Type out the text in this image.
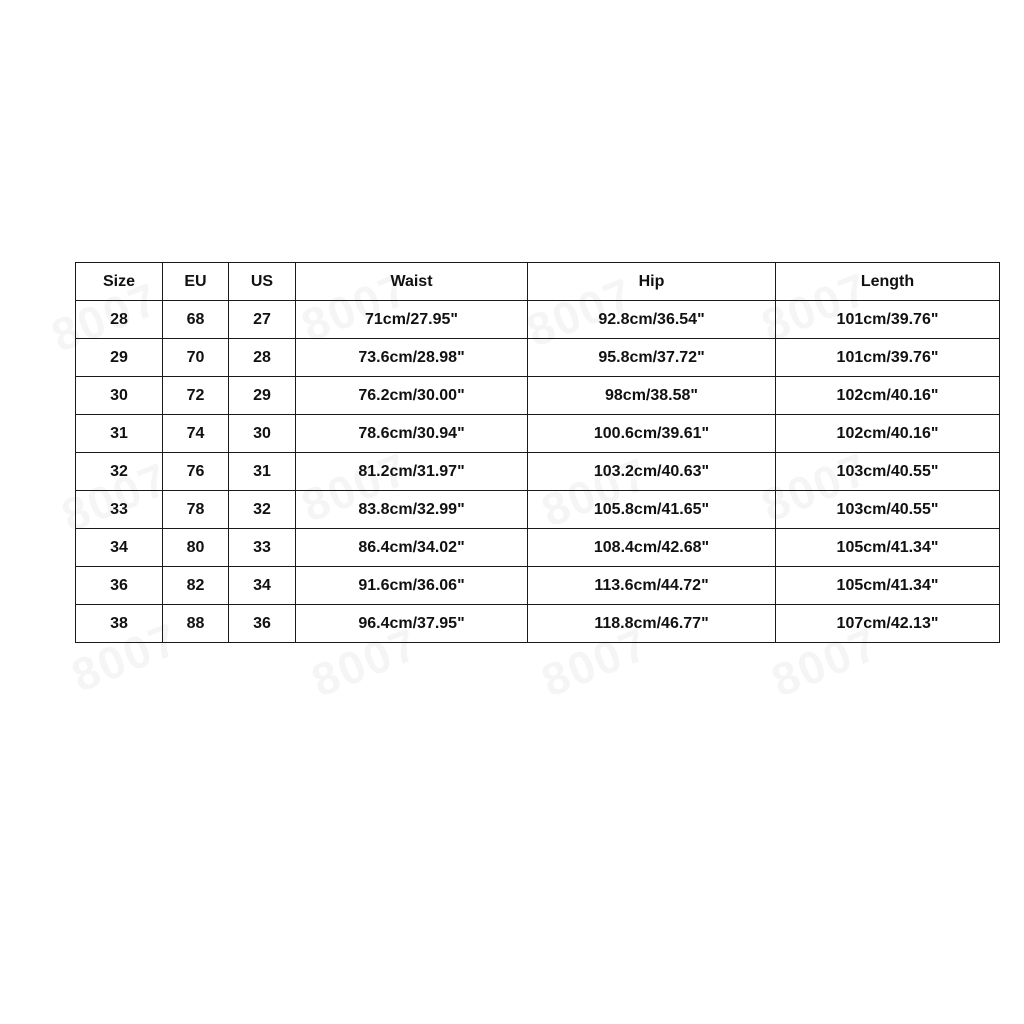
Size	EU	US	Waist	Hip	Length
28	68	27	71cm/27.95"	92.8cm/36.54"	101cm/39.76"
29	70	28	73.6cm/28.98"	95.8cm/37.72"	101cm/39.76"
30	72	29	76.2cm/30.00"	98cm/38.58"	102cm/40.16"
31	74	30	78.6cm/30.94"	100.6cm/39.61"	102cm/40.16"
32	76	31	81.2cm/31.97"	103.2cm/40.63"	103cm/40.55"
33	78	32	83.8cm/32.99"	105.8cm/41.65"	103cm/40.55"
34	80	33	86.4cm/34.02"	108.4cm/42.68"	105cm/41.34"
36	82	34	91.6cm/36.06"	113.6cm/44.72"	105cm/41.34"
38	88	36	96.4cm/37.95"	118.8cm/46.77"	107cm/42.13"
